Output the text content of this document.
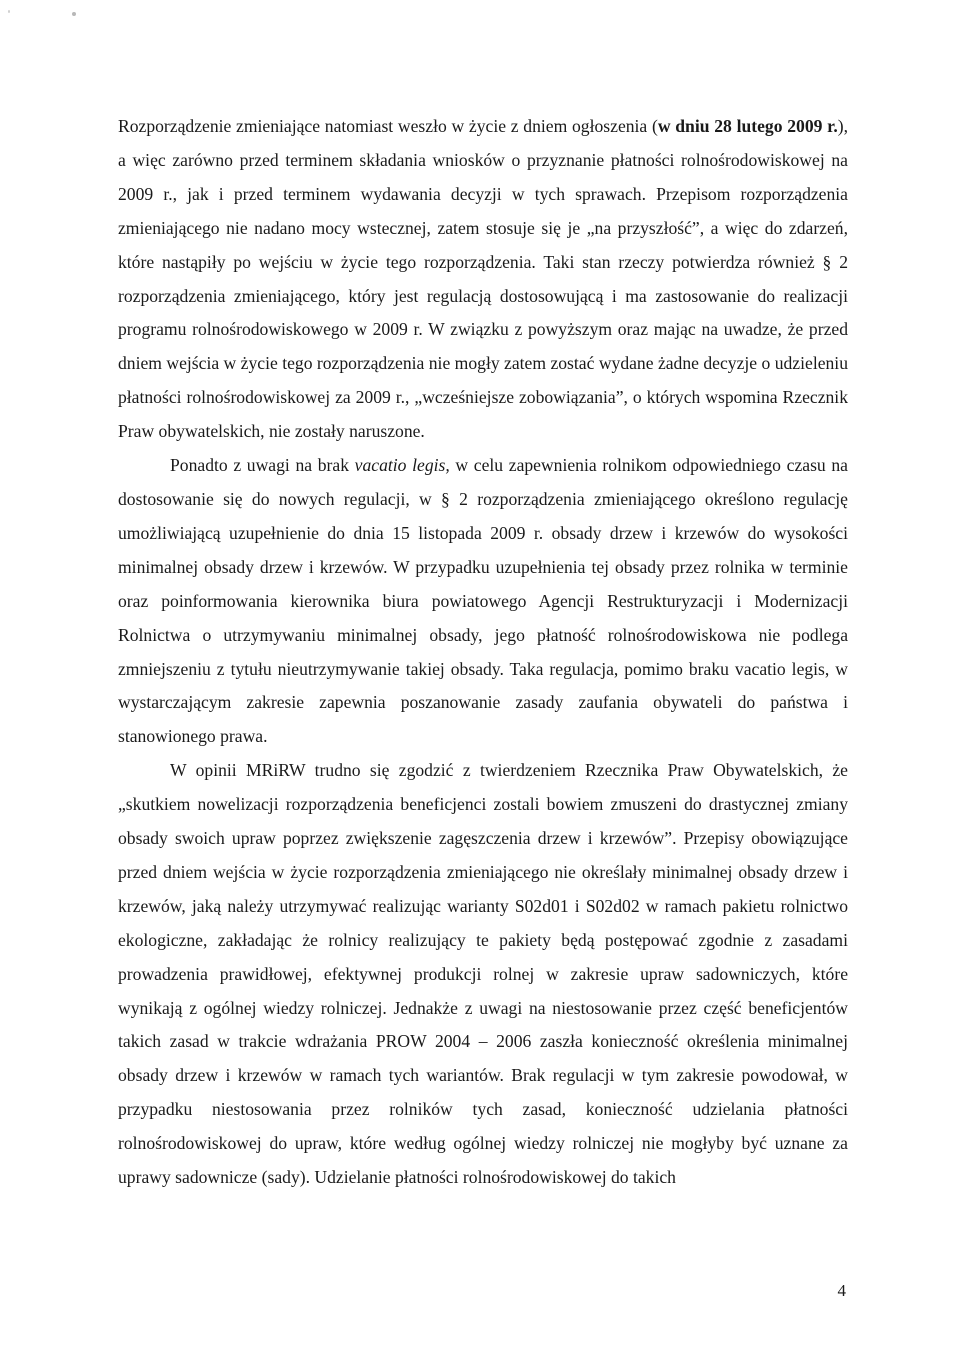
Rozporządzenie zmieniające natomiast weszło w życie z dniem ogłoszenia (w dniu 28 lutego 2009 r.), a więc zarówno przed terminem składania wniosków o przyznanie płatności rolnośrodowiskowej na 2009 r., jak i przed terminem wydawania decyzji w tych sprawach. Przepisom rozporządzenia zmieniającego nie nadano mocy wstecznej, zatem stosuje się je „na przyszłość”, a więc do zdarzeń, które nastąpiły po wejściu w życie tego rozporządzenia. Taki stan rzeczy potwierdza również § 2 rozporządzenia zmieniającego, który jest regulacją dostosowującą i ma zastosowanie do realizacji programu rolnośrodowiskowego w 2009 r. W związku z powyższym oraz mając na uwadze, że przed dniem wejścia w życie tego rozporządzenia nie mogły zatem zostać wydane żadne decyzje o udzieleniu płatności rolnośrodowiskowej za 2009 r., „wcześniejsze zobowiązania”, o których wspomina Rzecznik Praw obywatelskich, nie zostały naruszone.

Ponadto z uwagi na brak vacatio legis, w celu zapewnienia rolnikom odpowiedniego czasu na dostosowanie się do nowych regulacji, w § 2 rozporządzenia zmieniającego określono regulację umożliwiającą uzupełnienie do dnia 15 listopada 2009 r. obsady drzew i krzewów do wysokości minimalnej obsady drzew i krzewów. W przypadku uzupełnienia tej obsady przez rolnika w terminie oraz poinformowania kierownika biura powiatowego Agencji Restrukturyzacji i Modernizacji Rolnictwa o utrzymywaniu minimalnej obsady, jego płatność rolnośrodowiskowa nie podlega zmniejszeniu z tytułu nieutrzymywanie takiej obsady. Taka regulacja, pomimo braku vacatio legis, w wystarczającym zakresie zapewnia poszanowanie zasady zaufania obywateli do państwa i stanowionego prawa.

W opinii MRiRW trudno się zgodzić z twierdzeniem Rzecznika Praw Obywatelskich, że „skutkiem nowelizacji rozporządzenia beneficjenci zostali bowiem zmuszeni do drastycznej zmiany obsady swoich upraw poprzez zwiększenie zagęszczenia drzew i krzewów”. Przepisy obowiązujące przed dniem wejścia w życie rozporządzenia zmieniającego nie określały minimalnej obsady drzew i krzewów, jaką należy utrzymywać realizując warianty S02d01 i S02d02 w ramach pakietu rolnictwo ekologiczne, zakładając że rolnicy realizujący te pakiety będą postępować zgodnie z zasadami prowadzenia prawidłowej, efektywnej produkcji rolnej w zakresie upraw sadowniczych, które wynikają z ogólnej wiedzy rolniczej. Jednakże z uwagi na niestosowanie przez część beneficjentów takich zasad w trakcie wdrażania PROW 2004 – 2006 zaszła konieczność określenia minimalnej obsady drzew i krzewów w ramach tych wariantów. Brak regulacji w tym zakresie powodował, w przypadku niestosowania przez rolników tych zasad, konieczność udzielania płatności rolnośrodowiskowej do upraw, które według ogólnej wiedzy rolniczej nie mogłyby być uznane za uprawy sadownicze (sady). Udzielanie płatności rolnośrodowiskowej do takich

4
